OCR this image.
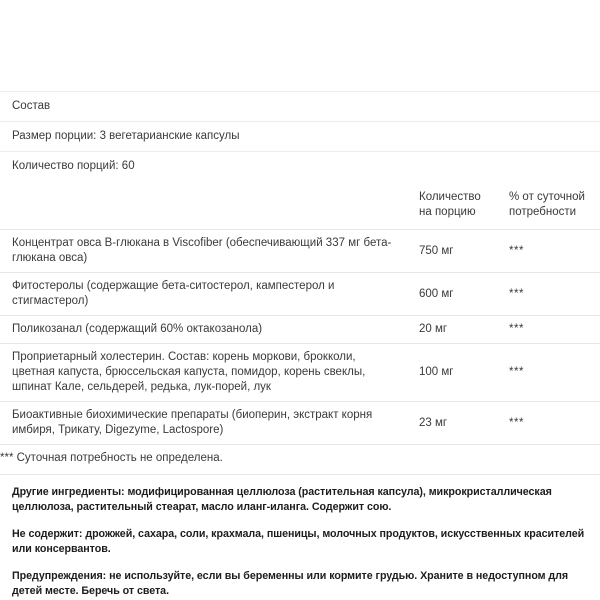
Состав
Размер порции: 3 вегетарианские капсулы
Количество порций: 60
	Количество на порцию	% от суточной потребности
Концентрат овса B-глюкана в Viscofiber (обеспечивающий 337 мг бета-глюкана овса)	750 мг	***
Фитостеролы (содержащие бета-ситостерол, кампестерол и стигмастерол)	600 мг	***
Поликозанал (содержащий 60% октакозанола)	20 мг	***
Проприетарный холестерин. Состав: корень моркови, брокколи, цветная капуста, брюссельская капуста, помидор, корень свеклы, шпинат Кале, сельдерей, редька, лук-порей, лук	100 мг	***
Биоактивные биохимические препараты (биоперин, экстракт корня имбиря, Трикату, Digezyme, Lactospore)	23 мг	***
*** Суточная потребность не определена.		

Другие ингредиенты: модифицированная целлюлоза (растительная капсула), микрокристаллическая целлюлоза, растительный стеарат, масло иланг-иланга. Содержит сою.

Не содержит: дрожжей, сахара, соли, крахмала, пшеницы, молочных продуктов, искусственных красителей или консервантов.

Предупреждения: не используйте, если вы беременны или кормите грудью. Храните в недоступном для детей месте. Беречь от света.
